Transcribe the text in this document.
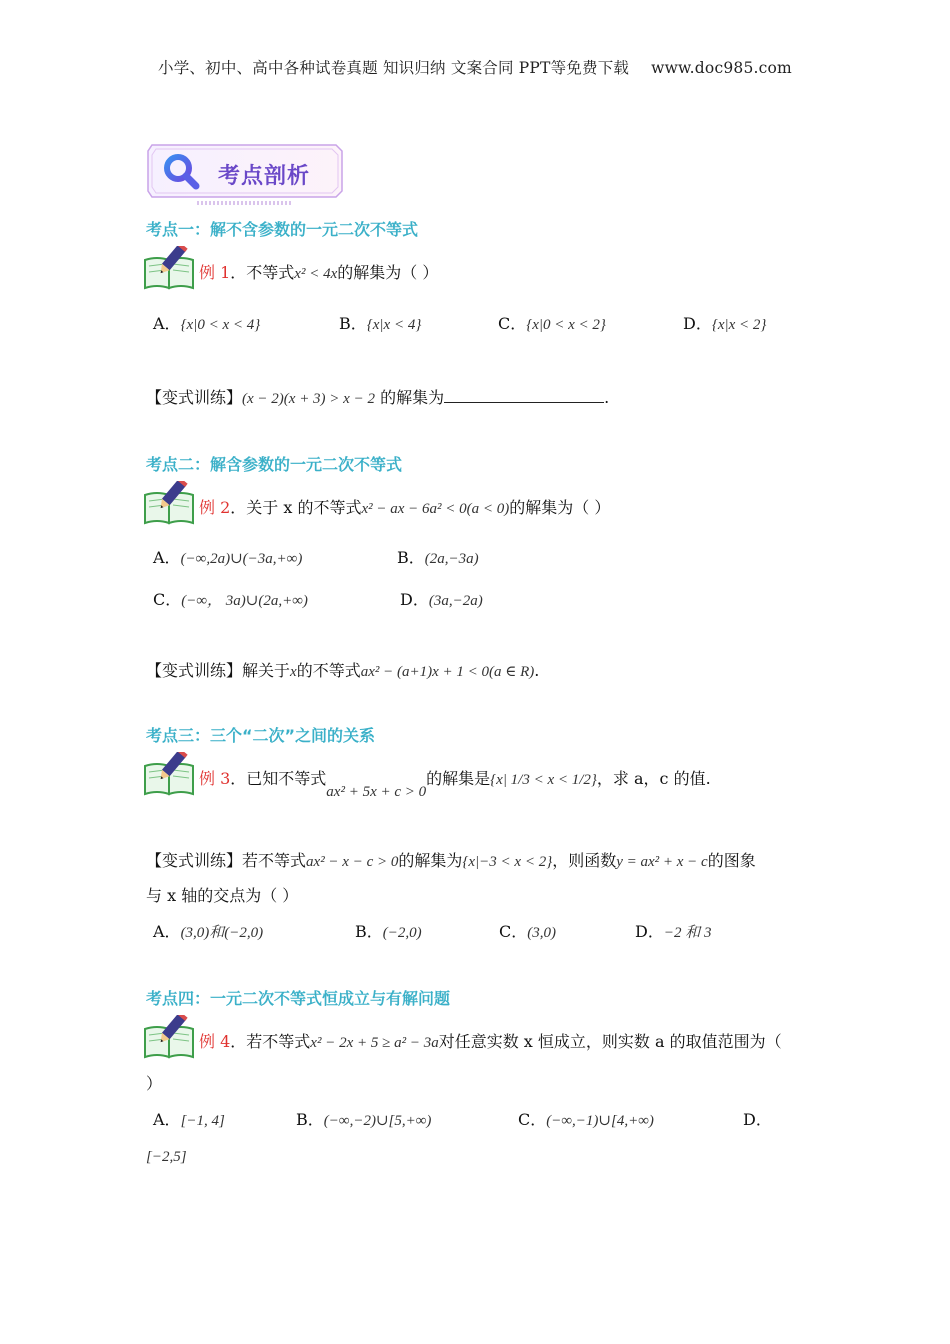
小学、初中、高中各种试卷真题 知识归纳 文案合同 PPT等免费下载 www.doc985.com
考点剖析
考点一：解不含参数的一元二次不等式
例 1．不等式x² < 4x的解集为（ ）
A．{x|0 < x < 4}	B．{x|x < 4}	C．{x|0 < x < 2}	D．{x|x < 2}
【变式训练】(x − 2)(x + 3) > x − 2 的解集为	.
考点二：解含参数的一元二次不等式
例 2．关于 x 的不等式x² − ax − 6a² < 0(a < 0)的解集为（ ）
A．(−∞,2a)∪(−3a,+∞)	B．(2a,−3a)
C．(−∞， 3a)∪(2a,+∞)	D．(3a,−2a)
【变式训练】解关于x的不等式ax² − (a+1)x + 1 < 0(a ∈ R).
考点三：三个“二次”之间的关系
例 3．已知不等式ax² + 5x + c > 0的解集是{x| 1/3 < x < 1/2}，求 a，c 的值.
【变式训练】若不等式ax² − x − c > 0的解集为{x|−3 < x < 2}，则函数y = ax² + x − c的图象
与 x 轴的交点为（ ）
A．(3,0)和(−2,0)	B．(−2,0)	C．(3,0)	D．−2 和 3
考点四：一元二次不等式恒成立与有解问题
例 4．若不等式x² − 2x + 5 ≥ a² − 3a对任意实数 x 恒成立，则实数 a 的取值范围为（
）
A．[−1, 4]	B．(−∞,−2)∪[5,+∞)	C．(−∞,−1)∪[4,+∞)	D．
[−2,5]
